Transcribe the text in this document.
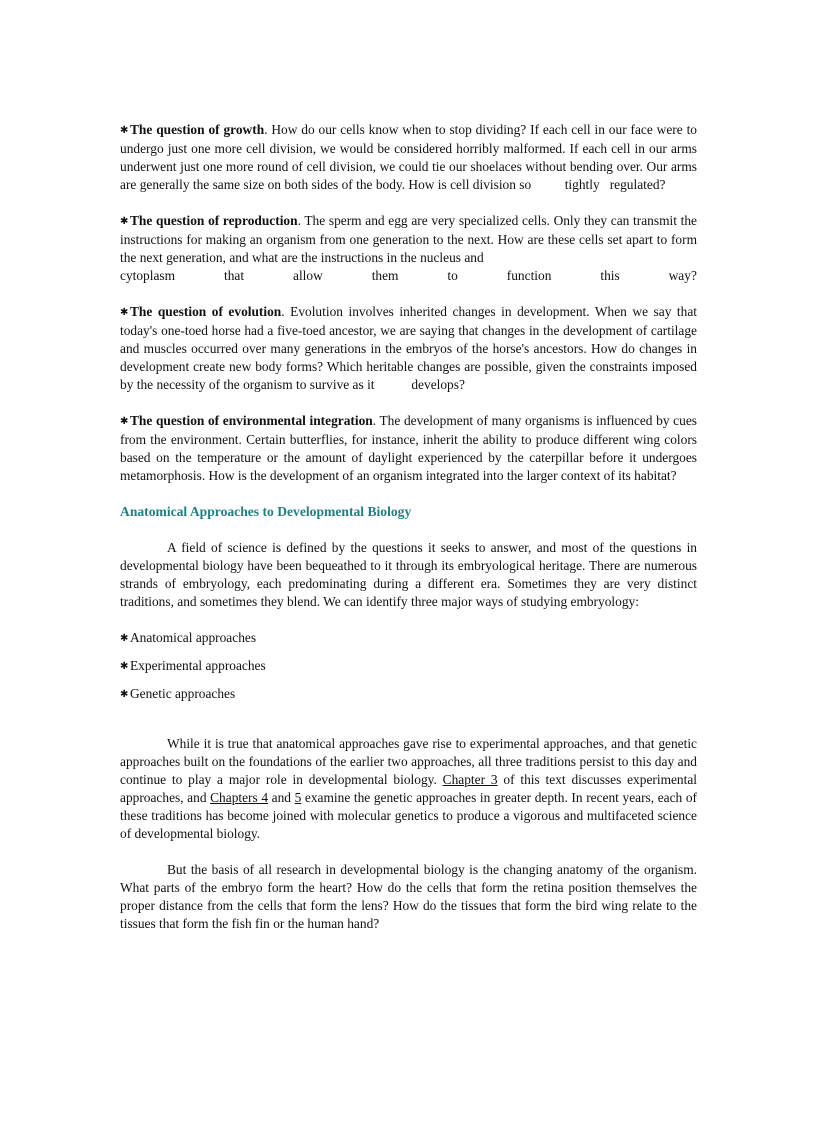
✱ The question of growth. How do our cells know when to stop dividing? If each cell in our face were to undergo just one more cell division, we would be considered horribly malformed. If each cell in our arms underwent just one more round of cell division, we could tie our shoelaces without bending over. Our arms are generally the same size on both sides of the body. How is cell division so tightly regulated?

✱ The question of reproduction. The sperm and egg are very specialized cells. Only they can transmit the instructions for making an organism from one generation to the next. How are these cells set apart to form the next generation, and what are the instructions in the nucleus and
cytoplasm	that	allow	them	to	function	this	way?

✱ The question of evolution. Evolution involves inherited changes in development. When we say that today's one-toed horse had a five-toed ancestor, we are saying that changes in the development of cartilage and muscles occurred over many generations in the embryos of the horse's ancestors. How do changes in development create new body forms? Which heritable changes are possible, given the constraints imposed by the necessity of the organism to survive as it	develops?

✱ The question of environmental integration. The development of many organisms is influenced by cues from the environment. Certain butterflies, for instance, inherit the ability to produce different wing colors based on the temperature or the amount of daylight experienced by the caterpillar before it undergoes metamorphosis. How is the development of an organism integrated into the larger context of its habitat?

Anatomical Approaches to Developmental Biology

A field of science is defined by the questions it seeks to answer, and most of the questions in developmental biology have been bequeathed to it through its embryological heritage. There are numerous strands of embryology, each predominating during a different era. Sometimes they are very distinct traditions, and sometimes they blend. We can identify three major ways of studying embryology:

✱ Anatomical approaches
✱ Experimental approaches
✱ Genetic approaches

While it is true that anatomical approaches gave rise to experimental approaches, and that genetic approaches built on the foundations of the earlier two approaches, all three traditions persist to this day and continue to play a major role in developmental biology. Chapter 3 of this text discusses experimental approaches, and Chapters 4 and 5 examine the genetic approaches in greater depth. In recent years, each of these traditions has become joined with molecular genetics to produce a vigorous and multifaceted science of developmental biology.

But the basis of all research in developmental biology is the changing anatomy of the organism. What parts of the embryo form the heart? How do the cells that form the retina position themselves the proper distance from the cells that form the lens? How do the tissues that form the bird wing relate to the tissues that form the fish fin or the human hand?
